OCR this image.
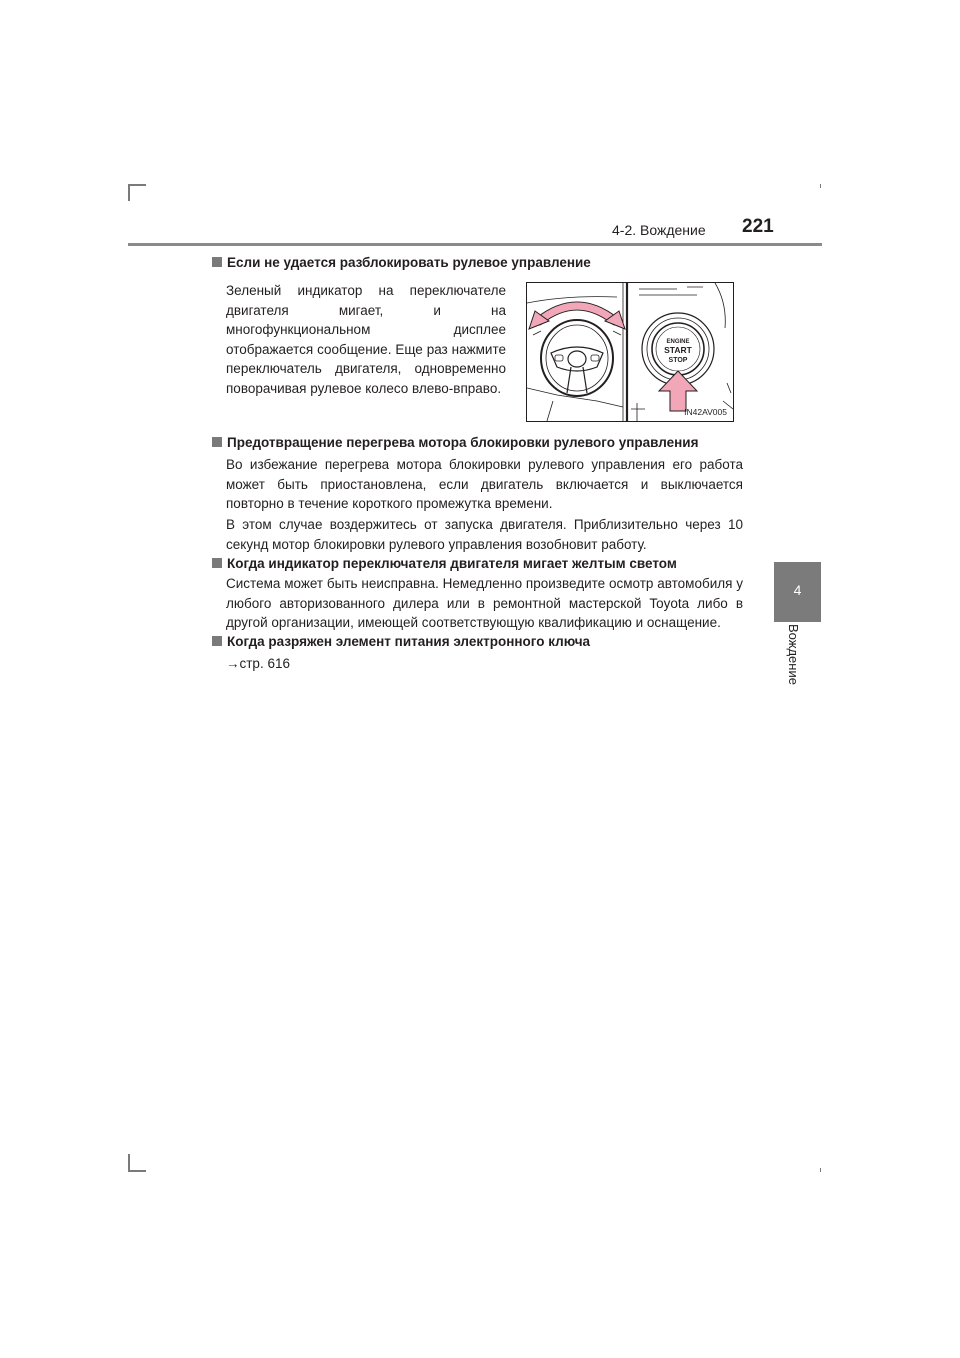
4-2. Вождение 221
4
Вождение
Если не удается разблокировать рулевое управление
Зеленый индикатор на переключателе двигателя мигает, и на многофункциональном дисплее отображается сообщение. Еще раз нажмите переключатель двигателя, одновременно поворачивая рулевое колесо влево-вправо.
ENGINE
START
STOP
IN42AV005
Предотвращение перегрева мотора блокировки рулевого управления
Во избежание перегрева мотора блокировки рулевого управления его работа может быть приостановлена, если двигатель включается и выключается повторно в течение короткого промежутка времени.
В этом случае воздержитесь от запуска двигателя. Приблизительно через 10 секунд мотор блокировки рулевого управления возобновит работу.
Когда индикатор переключателя двигателя мигает желтым светом
Система может быть неисправна. Немедленно произведите осмотр автомобиля у любого авторизованного дилера или в ремонтной мастерской Toyota либо в другой организации, имеющей соответствующую квалификацию и оснащение.
Когда разряжен элемент питания электронного ключа
→стр. 616
